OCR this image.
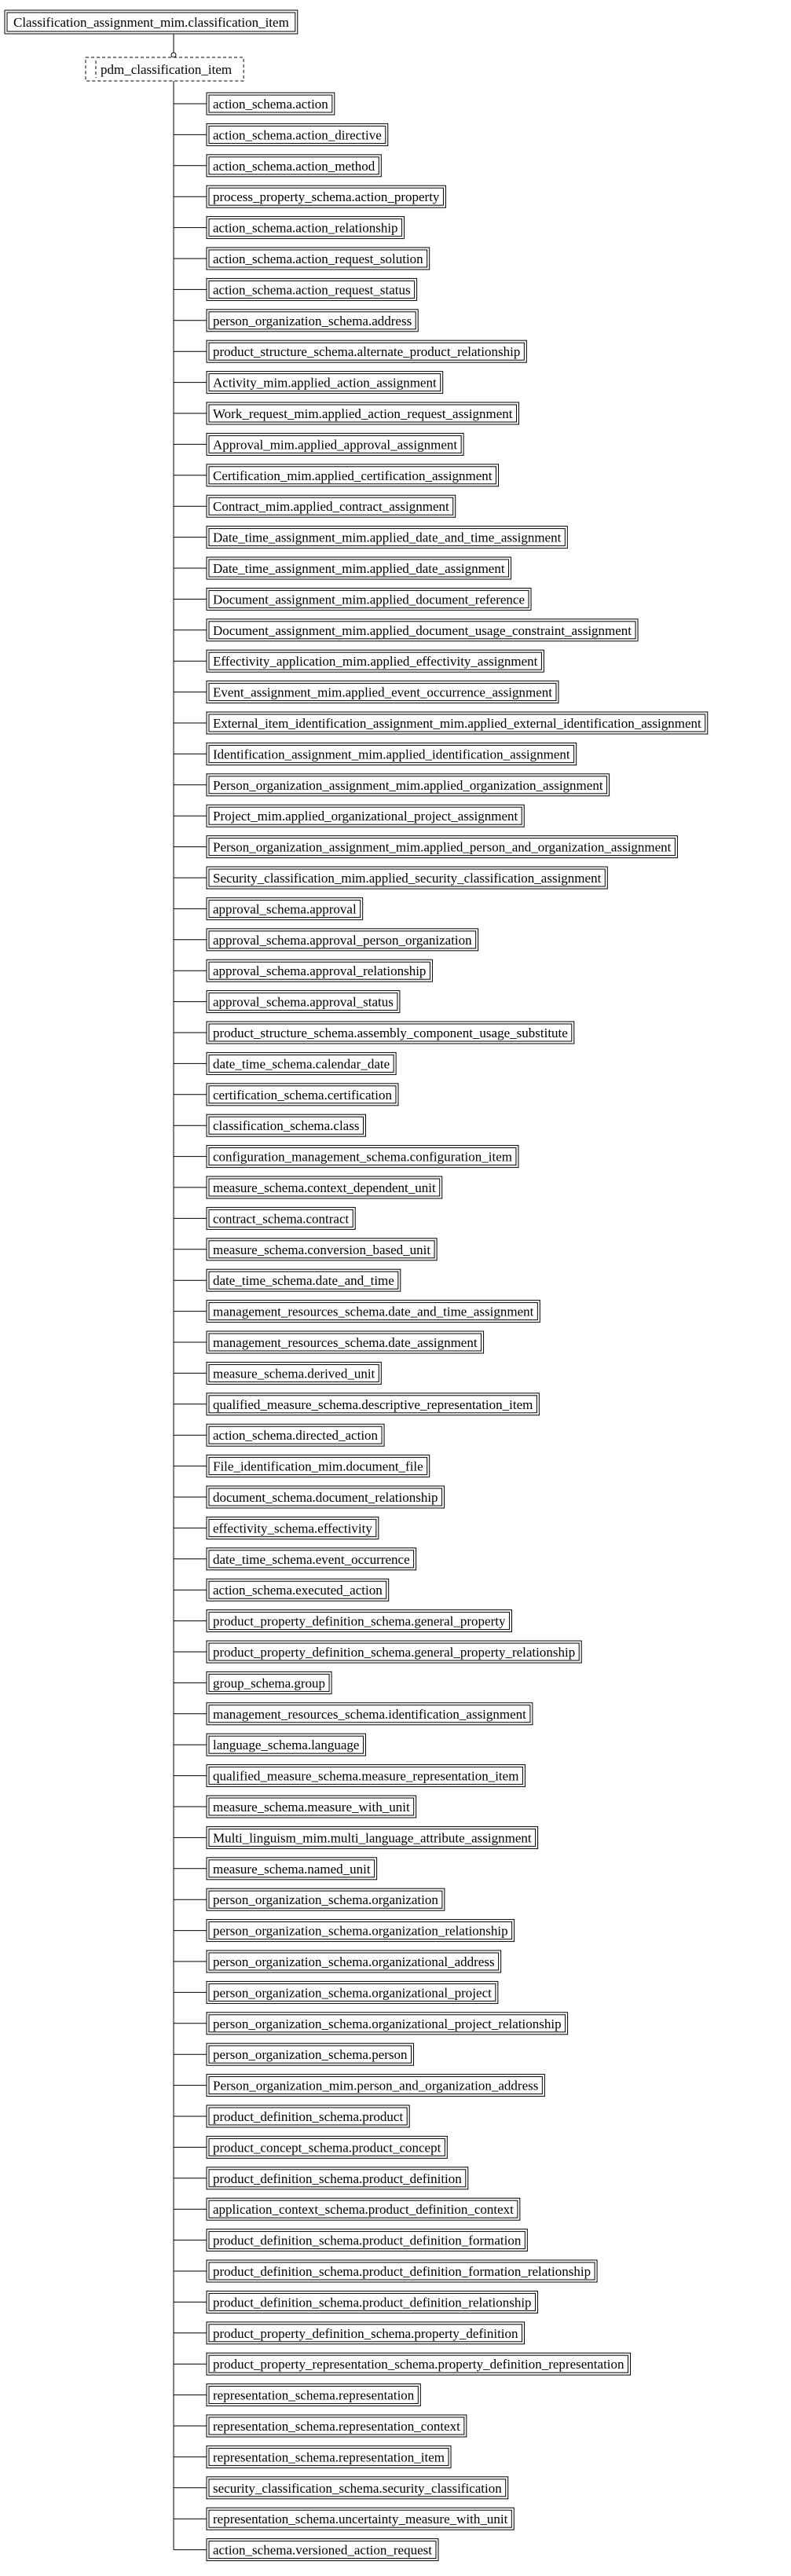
Classification_assignment_mim.classification_item
pdm_classification_item
action_schema.action
action_schema.action_directive
action_schema.action_method
process_property_schema.action_property
action_schema.action_relationship
action_schema.action_request_solution
action_schema.action_request_status
person_organization_schema.address
product_structure_schema.alternate_product_relationship
Activity_mim.applied_action_assignment
Work_request_mim.applied_action_request_assignment
Approval_mim.applied_approval_assignment
Certification_mim.applied_certification_assignment
Contract_mim.applied_contract_assignment
Date_time_assignment_mim.applied_date_and_time_assignment
Date_time_assignment_mim.applied_date_assignment
Document_assignment_mim.applied_document_reference
Document_assignment_mim.applied_document_usage_constraint_assignment
Effectivity_application_mim.applied_effectivity_assignment
Event_assignment_mim.applied_event_occurrence_assignment
External_item_identification_assignment_mim.applied_external_identification_assignment
Identification_assignment_mim.applied_identification_assignment
Person_organization_assignment_mim.applied_organization_assignment
Project_mim.applied_organizational_project_assignment
Person_organization_assignment_mim.applied_person_and_organization_assignment
Security_classification_mim.applied_security_classification_assignment
approval_schema.approval
approval_schema.approval_person_organization
approval_schema.approval_relationship
approval_schema.approval_status
product_structure_schema.assembly_component_usage_substitute
date_time_schema.calendar_date
certification_schema.certification
classification_schema.class
configuration_management_schema.configuration_item
measure_schema.context_dependent_unit
contract_schema.contract
measure_schema.conversion_based_unit
date_time_schema.date_and_time
management_resources_schema.date_and_time_assignment
management_resources_schema.date_assignment
measure_schema.derived_unit
qualified_measure_schema.descriptive_representation_item
action_schema.directed_action
File_identification_mim.document_file
document_schema.document_relationship
effectivity_schema.effectivity
date_time_schema.event_occurrence
action_schema.executed_action
product_property_definition_schema.general_property
product_property_definition_schema.general_property_relationship
group_schema.group
management_resources_schema.identification_assignment
language_schema.language
qualified_measure_schema.measure_representation_item
measure_schema.measure_with_unit
Multi_linguism_mim.multi_language_attribute_assignment
measure_schema.named_unit
person_organization_schema.organization
person_organization_schema.organization_relationship
person_organization_schema.organizational_address
person_organization_schema.organizational_project
person_organization_schema.organizational_project_relationship
person_organization_schema.person
Person_organization_mim.person_and_organization_address
product_definition_schema.product
product_concept_schema.product_concept
product_definition_schema.product_definition
application_context_schema.product_definition_context
product_definition_schema.product_definition_formation
product_definition_schema.product_definition_formation_relationship
product_definition_schema.product_definition_relationship
product_property_definition_schema.property_definition
product_property_representation_schema.property_definition_representation
representation_schema.representation
representation_schema.representation_context
representation_schema.representation_item
security_classification_schema.security_classification
representation_schema.uncertainty_measure_with_unit
action_schema.versioned_action_request
